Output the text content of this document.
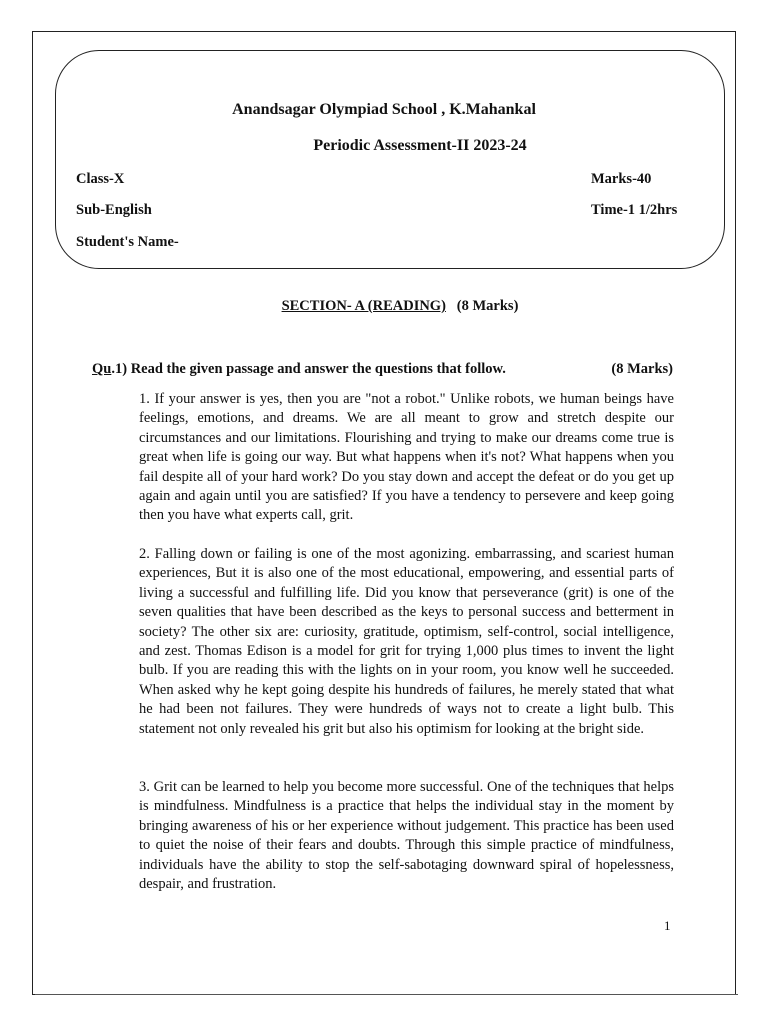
Anandsagar Olympiad School , K.Mahankal
Periodic Assessment-II 2023-24
Class-X	Marks-40
Sub-English	Time-1 1/2hrs
Student's Name-
SECTION- A (READING) (8 Marks)
Qu.1) Read the given passage and answer the questions that follow.	(8 Marks)
1. If your answer is yes, then you are "not a robot." Unlike robots, we human beings have feelings, emotions, and dreams. We are all meant to grow and stretch despite our circumstances and our limitations. Flourishing and trying to make our dreams come true is great when life is going our way. But what happens when it's not? What happens when you fail despite all of your hard work? Do you stay down and accept the defeat or do you get up again and again until you are satisfied? If you have a tendency to persevere and keep going then you have what experts call, grit.
2. Falling down or failing is one of the most agonizing. embarrassing, and scariest human experiences, But it is also one of the most educational, empowering, and essential parts of living a successful and fulfilling life. Did you know that perseverance (grit) is one of the seven qualities that have been described as the keys to personal success and betterment in society? The other six are: curiosity, gratitude, optimism, self-control, social intelligence, and zest. Thomas Edison is a model for grit for trying 1,000 plus times to invent the light bulb. If you are reading this with the lights on in your room, you know well he succeeded. When asked why he kept going despite his hundreds of failures, he merely stated that what he had been not failures. They were hundreds of ways not to create a light bulb. This statement not only revealed his grit but also his optimism for looking at the bright side.
3. Grit can be learned to help you become more successful. One of the techniques that helps is mindfulness. Mindfulness is a practice that helps the individual stay in the moment by bringing awareness of his or her experience without judgement. This practice has been used to quiet the noise of their fears and doubts. Through this simple practice of mindfulness, individuals have the ability to stop the self-sabotaging downward spiral of hopelessness, despair, and frustration.
1
